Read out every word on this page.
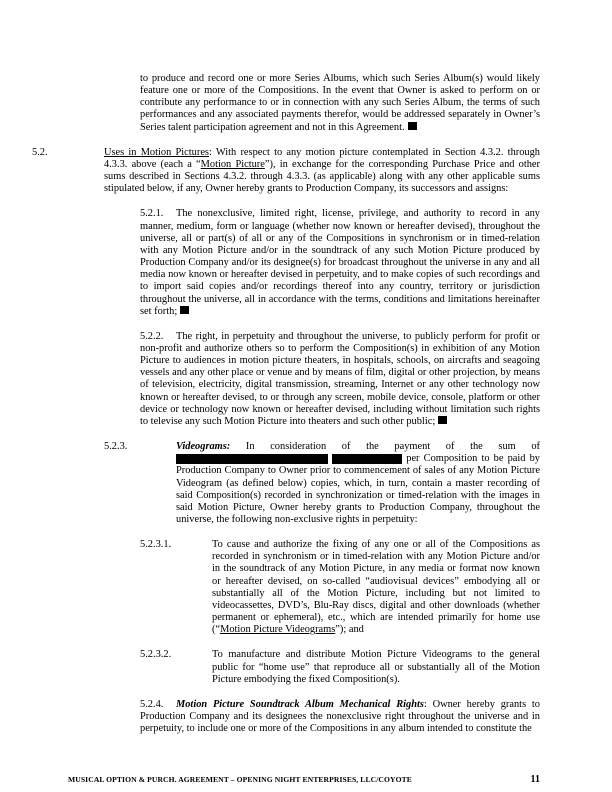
to produce and record one or more Series Albums, which such Series Album(s) would likely feature one or more of the Compositions. In the event that Owner is asked to perform on or contribute any performance to or in connection with any such Series Album, the terms of such performances and any associated payments therefor, would be addressed separately in Owner’s Series talent participation agreement and not in this Agreement.

5.2.	Uses in Motion Pictures: With respect to any motion picture contemplated in Section 4.3.2. through 4.3.3. above (each a “Motion Picture”), in exchange for the corresponding Purchase Price and other sums described in Sections 4.3.2. through 4.3.3. (as applicable) along with any other applicable sums stipulated below, if any, Owner hereby grants to Production Company, its successors and assigns:

5.2.1. The nonexclusive, limited right, license, privilege, and authority to record in any manner, medium, form or language (whether now known or hereafter devised), throughout the universe, all or part(s) of all or any of the Compositions in synchronism or in timed-relation with any Motion Picture and/or in the soundtrack of any such Motion Picture produced by Production Company and/or its designee(s) for broadcast throughout the universe in any and all media now known or hereafter devised in perpetuity, and to make copies of such recordings and to import said copies and/or recordings thereof into any country, territory or jurisdiction throughout the universe, all in accordance with the terms, conditions and limitations hereinafter set forth;

5.2.2. The right, in perpetuity and throughout the universe, to publicly perform for profit or non-profit and authorize others so to perform the Composition(s) in exhibition of any Motion Picture to audiences in motion picture theaters, in hospitals, schools, on aircrafts and seagoing vessels and any other place or venue and by means of film, digital or other projection, by means of television, electricity, digital transmission, streaming, Internet or any other technology now known or hereafter devised, to or through any screen, mobile device, console, platform or other device or technology now known or hereafter devised, including without limitation such rights to televise any such Motion Picture into theaters and such other public;

5.2.3.	Videograms: In consideration of the payment of the sum of   per Composition to be paid by Production Company to Owner prior to commencement of sales of any Motion Picture Videogram (as defined below) copies, which, in turn, contain a master recording of said Composition(s) recorded in synchronization or timed-relation with the images in said Motion Picture, Owner hereby grants to Production Company, throughout the universe, the following non-exclusive rights in perpetuity:

5.2.3.1.	To cause and authorize the fixing of any one or all of the Compositions as recorded in synchronism or in timed-relation with any Motion Picture and/or in the soundtrack of any Motion Picture, in any media or format now known or hereafter devised, on so-called “audiovisual devices” embodying all or substantially all of the Motion Picture, including but not limited to videocassettes, DVD’s, Blu-Ray discs, digital and other downloads (whether permanent or ephemeral), etc., which are intended primarily for home use (“Motion Picture Videograms”); and

5.2.3.2.	To manufacture and distribute Motion Picture Videograms to the general public for “home use” that reproduce all or substantially all of the Motion Picture embodying the fixed Composition(s).

5.2.4. Motion Picture Soundtrack Album Mechanical Rights: Owner hereby grants to Production Company and its designees the nonexclusive right throughout the universe and in perpetuity, to include one or more of the Compositions in any album intended to constitute the

MUSICAL OPTION & PURCH. AGREEMENT – OPENING NIGHT ENTERPRISES, LLC/COYOTE	11
